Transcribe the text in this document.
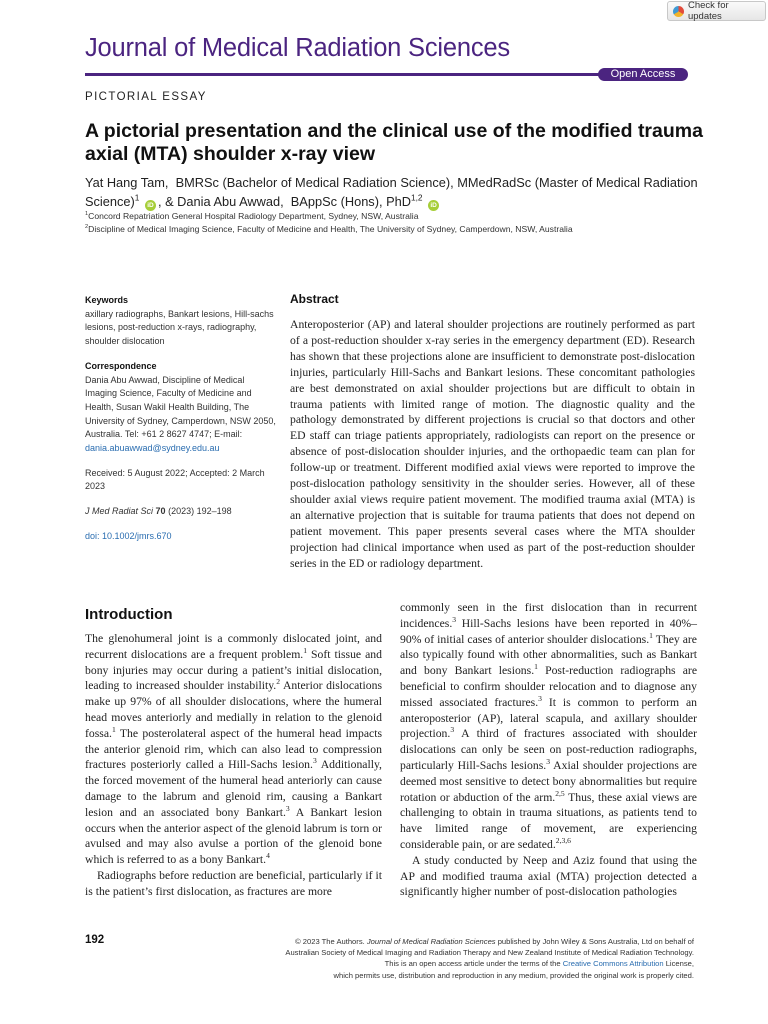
Check for updates
Journal of Medical Radiation Sciences
Open Access
PICTORIAL ESSAY
A pictorial presentation and the clinical use of the modified trauma axial (MTA) shoulder x-ray view
Yat Hang Tam,  BMRSc (Bachelor of Medical Radiation Science), MMedRadSc (Master of Medical Radiation Science)$^1$ iD , & Dania Abu Awwad,  BAppSc (Hons), PhD$^{1,2}$ iD
$^1$Concord Repatriation General Hospital Radiology Department, Sydney, NSW, Australia
$^2$Discipline of Medical Imaging Science, Faculty of Medicine and Health, The University of Sydney, Camperdown, NSW, Australia
Keywords
axillary radiographs, Bankart lesions, Hill-sachs lesions, post-reduction x-rays, radiography, shoulder dislocation
Correspondence
Dania Abu Awwad, Discipline of Medical Imaging Science, Faculty of Medicine and Health, Susan Wakil Health Building, The University of Sydney, Camperdown, NSW 2050, Australia. Tel: +61 2 8627 4747; E-mail: dania.abuawwad@sydney.edu.au
Received: 5 August 2022; Accepted: 2 March 2023
J Med Radiat Sci 70 (2023) 192–198
doi: 10.1002/jmrs.670
Abstract

Anteroposterior (AP) and lateral shoulder projections are routinely performed as part of a post-reduction shoulder x-ray series in the emergency department (ED). Research has shown that these projections alone are insufficient to demonstrate post-dislocation injuries, particularly Hill-Sachs and Bankart lesions. These concomitant pathologies are best demonstrated on axial shoulder projections but are difficult to obtain in trauma patients with limited range of motion. The diagnostic quality and the pathology demonstrated by different projections is crucial so that doctors and other ED staff can triage patients appropriately, radiologists can report on the presence or absence of post-dislocation shoulder injuries, and the orthopaedic team can plan for follow-up or treatment. Different modified axial views were reported to improve the post-dislocation pathology sensitivity in the shoulder series. However, all of these shoulder axial views require patient movement. The modified trauma axial (MTA) is an alternative projection that is suitable for trauma patients that does not depend on patient movement. This paper presents several cases where the MTA shoulder projection had clinical importance when used as part of the post-reduction shoulder series in the ED or radiology department.

Introduction

The glenohumeral joint is a commonly dislocated joint, and recurrent dislocations are a frequent problem.$^1$ Soft tissue and bony injuries may occur during a patient’s initial dislocation, leading to increased shoulder instability.$^2$ Anterior dislocations make up 97% of all shoulder dislocations, where the humeral head moves anteriorly and medially in relation to the glenoid fossa.$^1$ The posterolateral aspect of the humeral head impacts the anterior glenoid rim, which can also lead to compression fractures posteriorly called a Hill-Sachs lesion.$^3$ Additionally, the forced movement of the humeral head anteriorly can cause damage to the labrum and glenoid rim, causing a Bankart lesion and an associated bony Bankart.$^3$ A Bankart lesion occurs when the anterior aspect of the glenoid labrum is torn or avulsed and may also avulse a portion of the glenoid bone which is referred to as a bony Bankart.$^4$

Radiographs before reduction are beneficial, particularly if it is the patient’s first dislocation, as fractures are more

commonly seen in the first dislocation than in recurrent incidences.$^3$ Hill-Sachs lesions have been reported in 40%–90% of initial cases of anterior shoulder dislocations.$^1$ They are also typically found with other abnormalities, such as Bankart and bony Bankart lesions.$^1$ Post-reduction radiographs are beneficial to confirm shoulder relocation and to diagnose any missed associated fractures.$^3$ It is common to perform an anteroposterior (AP), lateral scapula, and axillary shoulder projection.$^3$ A third of fractures associated with shoulder dislocations can only be seen on post-reduction radiographs, particularly Hill-Sachs lesions.$^3$ Axial shoulder projections are deemed most sensitive to detect bony abnormalities but require rotation or abduction of the arm.$^{2,5}$ Thus, these axial views are challenging to obtain in trauma situations, as patients tend to have limited range of movement, are experiencing considerable pain, or are sedated.$^{2,3,6}$

A study conducted by Neep and Aziz found that using the AP and modified trauma axial (MTA) projection detected a significantly higher number of post-dislocation pathologies

192	© 2023 The Authors. Journal of Medical Radiation Sciences published by John Wiley & Sons Australia, Ltd on behalf of
Australian Society of Medical Imaging and Radiation Therapy and New Zealand Institute of Medical Radiation Technology.
This is an open access article under the terms of the Creative Commons Attribution License,
which permits use, distribution and reproduction in any medium, provided the original work is properly cited.
